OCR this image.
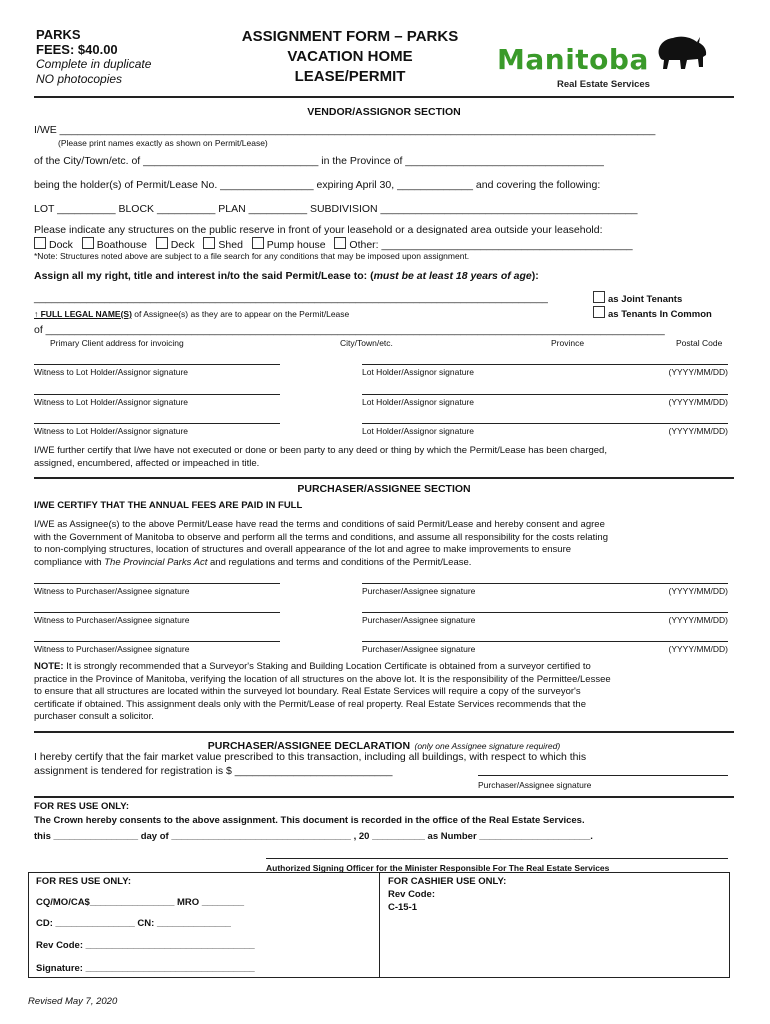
PARKS
FEES: $40.00
Complete in duplicate
NO photocopies
ASSIGNMENT FORM – PARKS
VACATION HOME
LEASE/PERMIT
Manitoba
Real Estate Services
VENDOR/ASSIGNOR SECTION
I/WE ______________________________________________________________________________________________________
(Please print names exactly as shown on Permit/Lease)
of the City/Town/etc. of ______________________________ in the Province of __________________________________
being the holder(s) of Permit/Lease No. ________________ expiring April 30, _____________ and covering the following:
LOT __________ BLOCK __________ PLAN __________ SUBDIVISION ____________________________________________
Please indicate any structures on the public reserve in front of your leasehold or a designated area outside your leasehold:
Dock Boathouse Deck Shed Pump house Other: ___________________________________________
*Note: Structures noted above are subject to a file search for any conditions that may be imposed upon assignment.
Assign all my right, title and interest in/to the said Permit/Lease to: (must be at least 18 years of age):
________________________________________________________________________________________	as Joint Tenants
as Tenants In Common
↑ FULL LEGAL NAME(S) of Assignee(s) as they are to appear on the Permit/Lease
of __________________________________________________________________________________________________________
Primary Client address for invoicing	City/Town/etc.	Province	Postal Code
Witness to Lot Holder/Assignor signature	Lot Holder/Assignor signature	(YYYY/MM/DD)
Witness to Lot Holder/Assignor signature	Lot Holder/Assignor signature	(YYYY/MM/DD)
Witness to Lot Holder/Assignor signature	Lot Holder/Assignor signature	(YYYY/MM/DD)
I/WE further certify that I/we have not executed or done or been party to any deed or thing by which the Permit/Lease has been charged,
assigned, encumbered, affected or impeached in title.
PURCHASER/ASSIGNEE SECTION
I/WE CERTIFY THAT THE ANNUAL FEES ARE PAID IN FULL
I/WE as Assignee(s) to the above Permit/Lease have read the terms and conditions of said Permit/Lease and hereby consent and agree
with the Government of Manitoba to observe and perform all the terms and conditions, and assume all responsibility for the costs relating
to non-complying structures, location of structures and overall appearance of the lot and agree to make improvements to ensure
compliance with The Provincial Parks Act and regulations and terms and conditions of the Permit/Lease.
Witness to Purchaser/Assignee signature	Purchaser/Assignee signature	(YYYY/MM/DD)
Witness to Purchaser/Assignee signature	Purchaser/Assignee signature	(YYYY/MM/DD)
Witness to Purchaser/Assignee signature	Purchaser/Assignee signature	(YYYY/MM/DD)
NOTE: It is strongly recommended that a Surveyor's Staking and Building Location Certificate is obtained from a surveyor certified to
practice in the Province of Manitoba, verifying the location of all structures on the above lot. It is the responsibility of the Permittee/Lessee
to ensure that all structures are located within the surveyed lot boundary. Real Estate Services will require a copy of the surveyor's
certificate if obtained. This assignment deals only with the Permit/Lease of real property. Real Estate Services recommends that the
purchaser consult a solicitor.
PURCHASER/ASSIGNEE DECLARATION (only one Assignee signature required)
I hereby certify that the fair market value prescribed to this transaction, including all buildings, with respect to which this
assignment is tendered for registration is $ ___________________________
Purchaser/Assignee signature
FOR RES USE ONLY:
The Crown hereby consents to the above assignment. This document is recorded in the office of the Real Estate Services.
this ________________ day of __________________________________ , 20 __________ as Number _____________________.
Authorized Signing Officer for the Minister Responsible For The Real Estate Services
FOR RES USE ONLY:
CQ/MO/CA$________________ MRO ________
CD: _______________ CN: ______________
Rev Code: ________________________________
Signature: ________________________________
FOR CASHIER USE ONLY:
Rev Code:
C-15-1
Revised May 7, 2020
